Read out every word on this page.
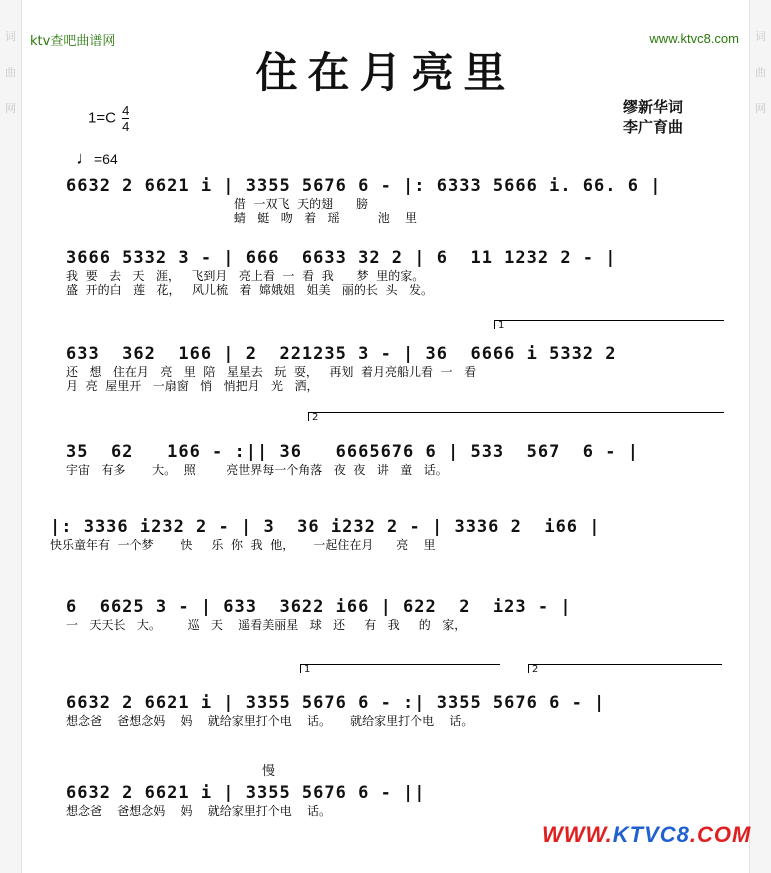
词
曲
网
词
曲
网
ktv查吧曲谱网	www.ktvc8.com
住在月亮里
$1=C \frac{4}{4}$	缪新华词
李广育曲
♩=64
6632 2 6621 i | 3355 5676 6 - |: 6333 5666 i. 66. 6 |
借  一双飞  天的翅      膀
蜻   蜓   吻   着   瑶          池    里
3666 5332 3 - | 666  6633 32 2 | 6  11 1232 2 - |
我  要   去   天   涯，   飞到月   亮上看  一  看  我      梦  里的家。
盛  开的白   莲   花，   风儿梳   着  嫦娥姐   姐美   丽的长  头   发。
1
633  362  166 | 2  221235 3 - | 36  6666 i 5332 2
还   想   住在月   亮   里  陪   星星去   玩  耍，   再划  着月亮船儿看  一   看
月  亮  屋里开   一扇窗   悄   悄把月   光   洒，
2
35  62   166 - :|| 36   6665676 6 | 533  567  6 - |
宇宙   有多       大。  照        亮世界每一个角落   夜  夜   讲   童   话。
|: 3336 i232 2 - | 3  36 i232 2 - | 3336 2  i66 |
快乐童年有  一个梦       快     乐  你  我  他，     一起住在月      亮    里
6  6625 3 - | 633  3622 i66 | 622  2  i23 - |
一   天天长   大。       巡   天    遥看美丽星   球   还     有   我     的   家，
1	2
6632 2 6621 i | 3355 5676 6 - :| 3355 5676 6 - |
想念爸    爸想念妈    妈    就给家里打个电    话。     就给家里打个电    话。
慢
6632 2 6621 i | 3355 5676 6 - ||
想念爸    爸想念妈    妈    就给家里打个电    话。
WWW.KTVC8.COM
